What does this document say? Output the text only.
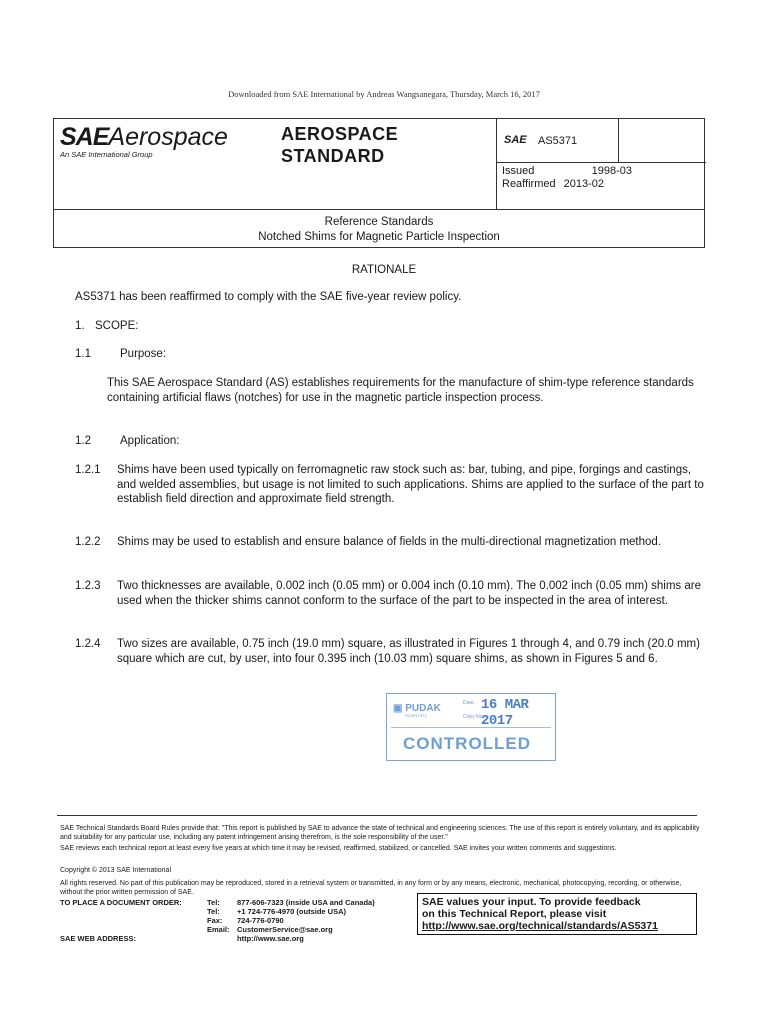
Downloaded from SAE International by Andreas Wangsanegara, Thursday, March 16, 2017
SAEAerospace
An SAE International Group
AEROSPACE
STANDARD
SAE AS5371
Issued	1998-03
Reaffirmed	2013-02
Reference Standards
Notched Shims for Magnetic Particle Inspection
RATIONALE
AS5371 has been reaffirmed to comply with the SAE five-year review policy.
1. SCOPE:
1.1	Purpose:
This SAE Aerospace Standard (AS) establishes requirements for the manufacture of shim-type reference standards containing artificial flaws (notches) for use in the magnetic particle inspection process.
1.2	Application:
1.2.1 Shims have been used typically on ferromagnetic raw stock such as: bar, tubing, and pipe, forgings and castings, and welded assemblies, but usage is not limited to such applications. Shims are applied to the surface of the part to establish field direction and approximate field strength.
1.2.2 Shims may be used to establish and ensure balance of fields in the multi-directional magnetization method.
1.2.3 Two thicknesses are available, 0.002 inch (0.05 mm) or 0.004 inch (0.10 mm). The 0.002 inch (0.05 mm) shims are used when the thicker shims cannot conform to the surface of the part to be inspected in the area of interest.
1.2.4 Two sizes are available, 0.75 inch (19.0 mm) square, as illustrated in Figures 1 through 4, and 0.79 inch (20.0 mm) square which are cut, by user, into four 0.395 inch (10.03 mm) square shims, as shown in Figures 5 and 6.
▣ PUDAK
SCIENTIFIC
Date:
Copy No.:
16 MAR 2017
CONTROLLED
SAE Technical Standards Board Rules provide that: "This report is published by SAE to advance the state of technical and engineering sciences. The use of this report is entirely voluntary, and its applicability and suitability for any particular use, including any patent infringement arising therefrom, is the sole responsibility of the user."
SAE reviews each technical report at least every five years at which time it may be revised, reaffirmed, stabilized, or cancelled. SAE invites your written comments and suggestions.
Copyright © 2013 SAE International
All rights reserved. No part of this publication may be reproduced, stored in a retrieval system or transmitted, in any form or by any means, electronic, mechanical, photocopying, recording, or otherwise, without the prior written permission of SAE.
TO PLACE A DOCUMENT ORDER:	Tel:	877-606-7323 (inside USA and Canada)
	Tel:	+1 724-776-4970 (outside USA)
	Fax:	724-776-0790
	Email:	CustomerService@sae.org
SAE WEB ADDRESS:		http://www.sae.org
SAE values your input. To provide feedback
on this Technical Report, please visit
http://www.sae.org/technical/standards/AS5371
